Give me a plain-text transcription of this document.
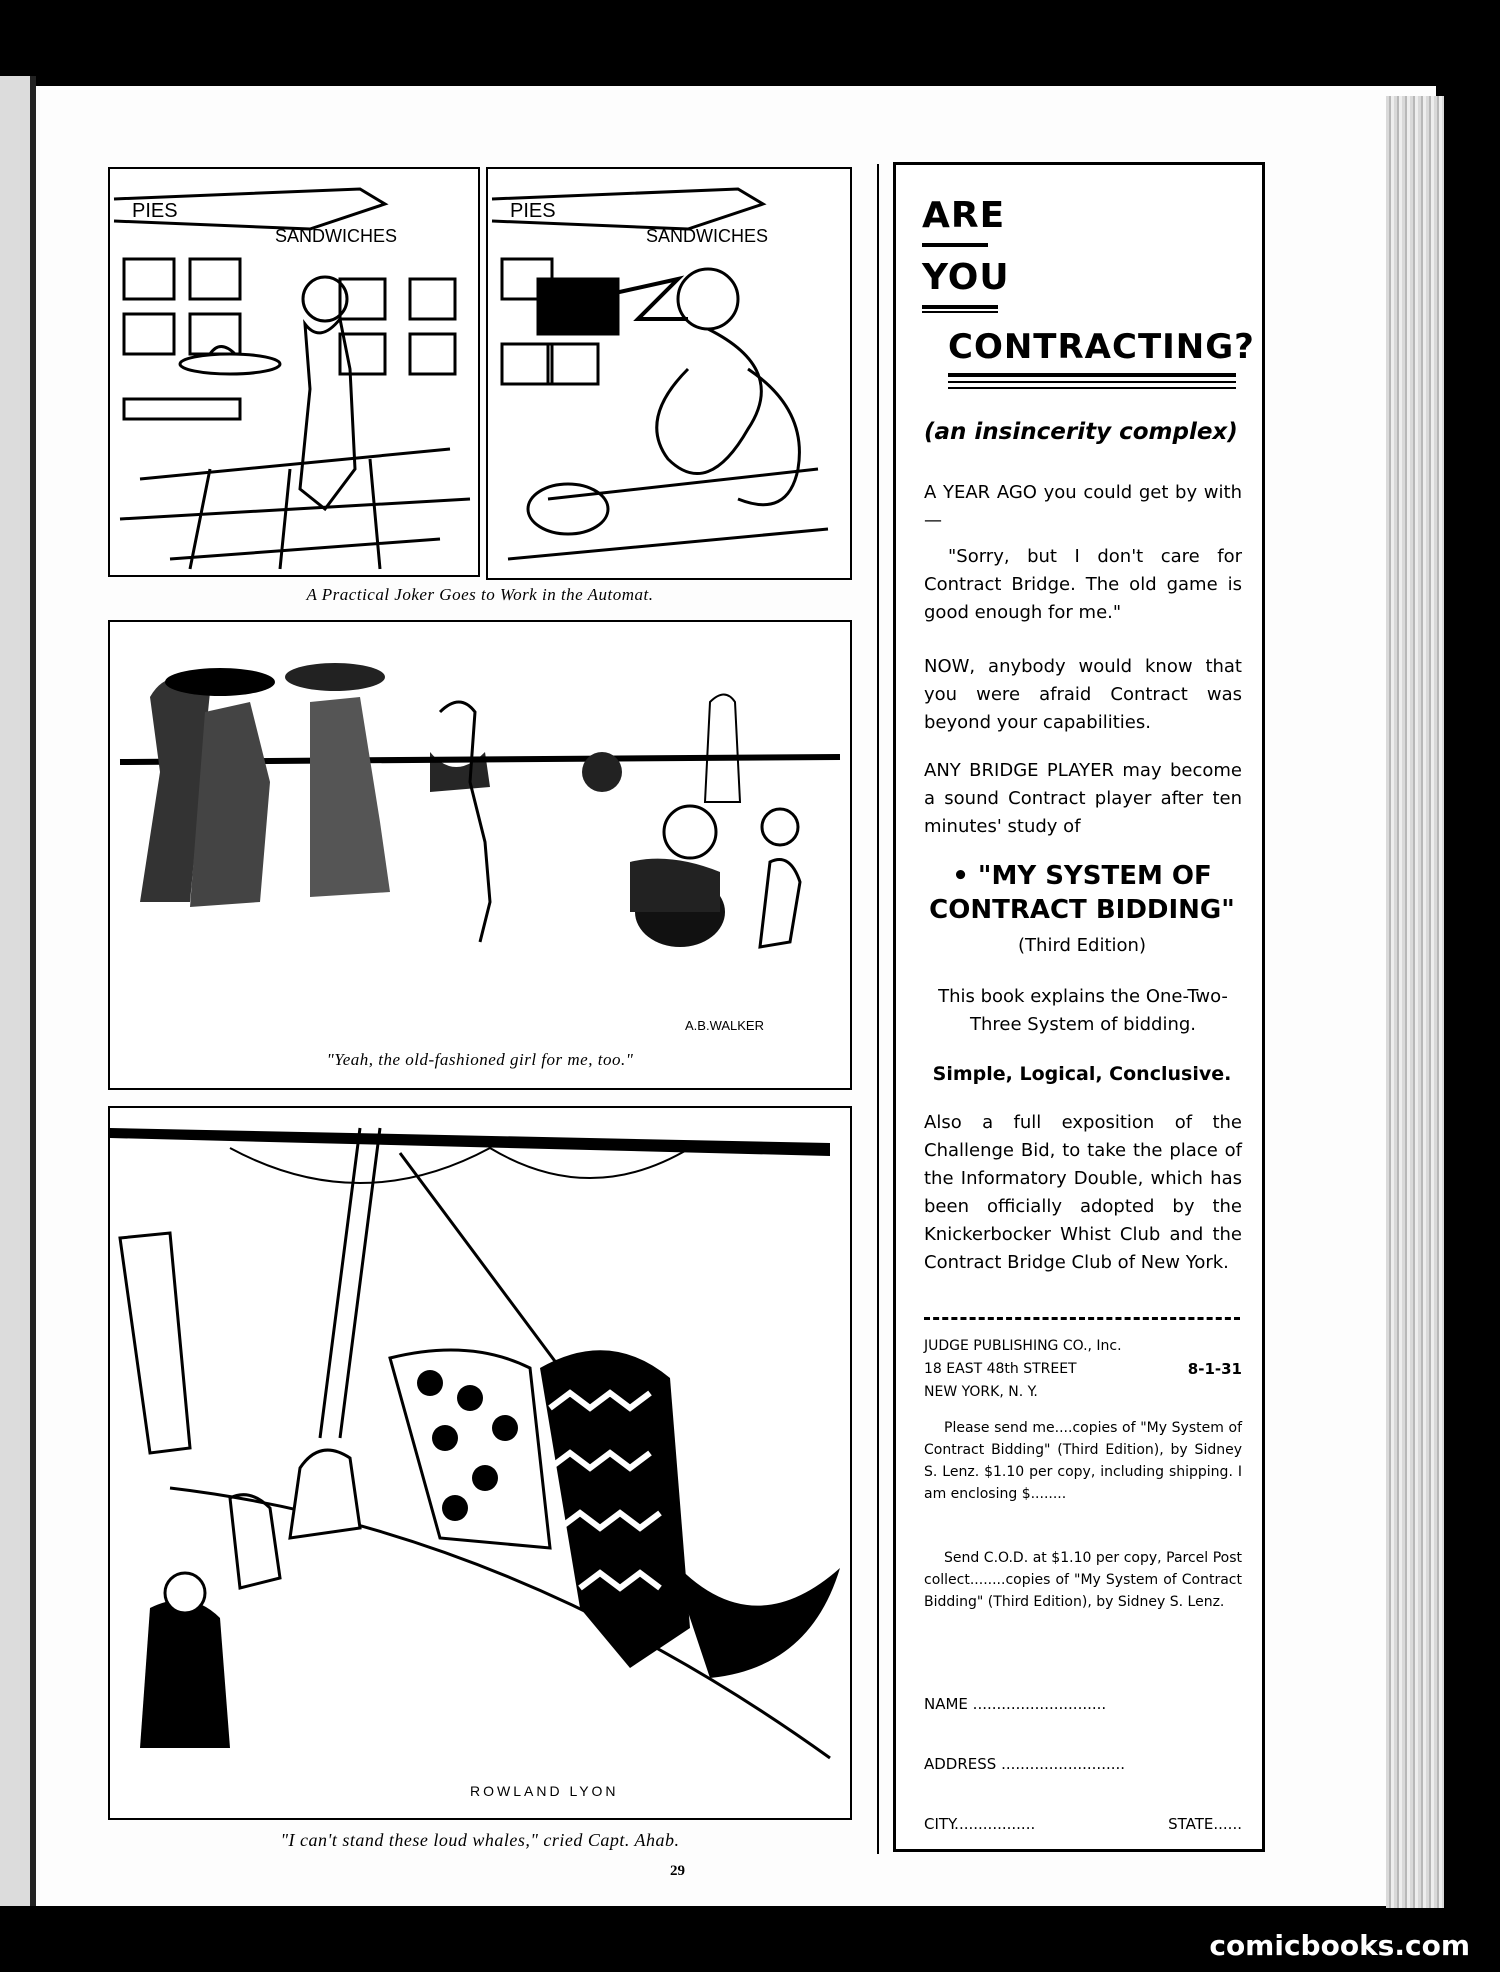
PIES
SANDWICHES
PIES
SANDWICHES
A Practical Joker Goes to Work in the Automat.
A.B.WALKER
"Yeah, the old-fashioned girl for me, too."
ROWLAND LYON
"I can't stand these loud whales," cried Capt. Ahab.
ARE
YOU
CONTRACTING?
(an insincerity complex)
A YEAR AGO you could get by with—
"Sorry, but I don't care for Contract Bridge. The old game is good enough for me."
NOW, anybody would know that you were afraid Contract was beyond your capabilities.
ANY BRIDGE PLAYER may become a sound Contract player after ten minutes' study of
• "MY SYSTEM OF
CONTRACT BIDDING"
(Third Edition)
This book explains the One-Two-Three System of bidding.
Simple, Logical, Conclusive.
Also a full exposition of the Challenge Bid, to take the place of the Informatory Double, which has been officially adopted by the Knickerbocker Whist Club and the Contract Bridge Club of New York.
JUDGE PUBLISHING CO., Inc.
18 EAST 48th STREET	8-1-31
NEW YORK, N. Y.
Please send me....copies of "My System of Contract Bidding" (Third Edition), by Sidney S. Lenz. $1.10 per copy, including shipping. I am enclosing $........
Send C.O.D. at $1.10 per copy, Parcel Post collect........copies of "My System of Contract Bidding" (Third Edition), by Sidney S. Lenz.
NAME ............................
ADDRESS ..........................
CITY.................	STATE......
29
comicbooks.com
